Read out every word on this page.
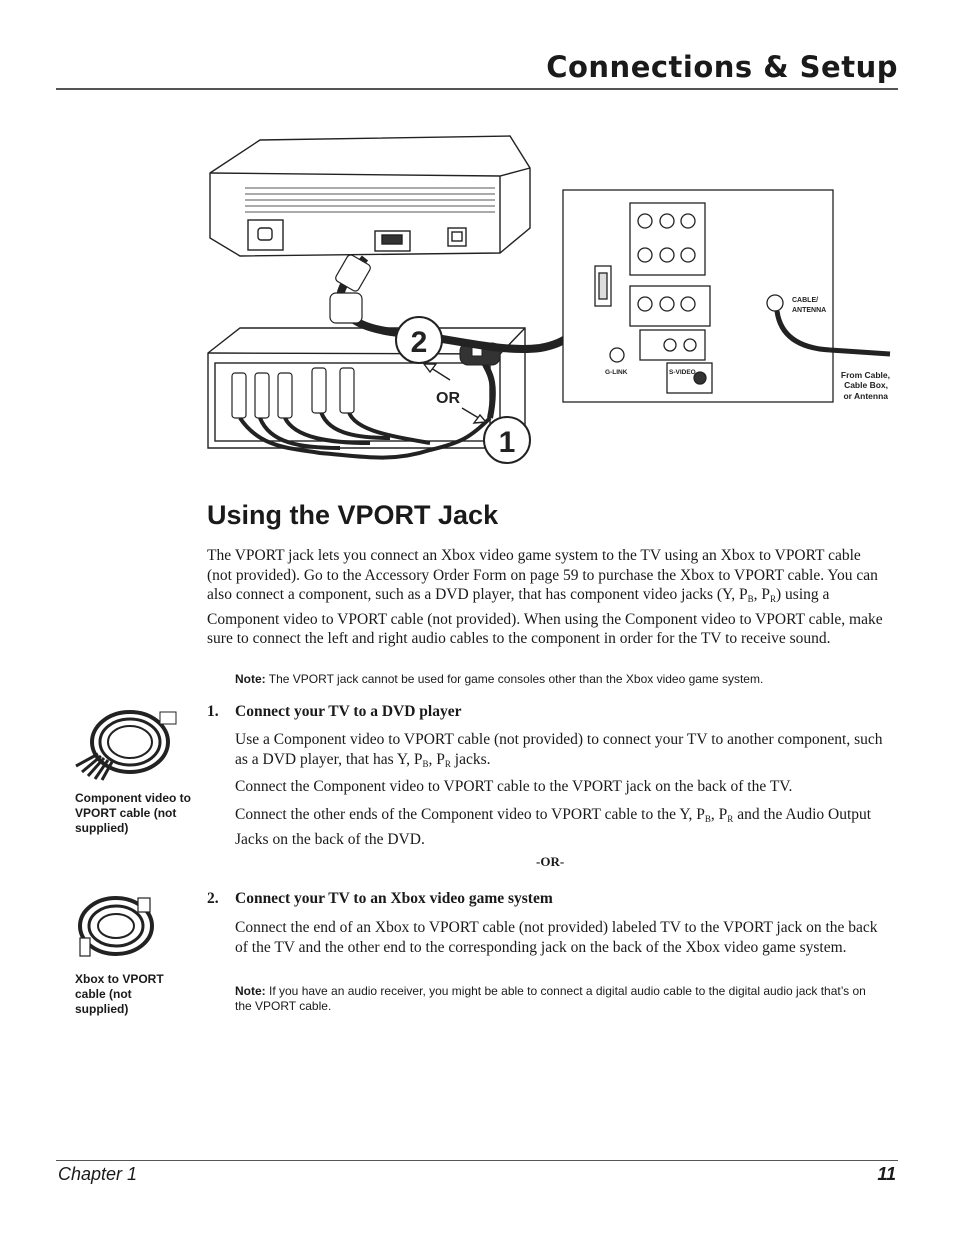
Connections & Setup
2
1
OR
G-LINK	S-VIDEO
CABLE/
ANTENNA
From Cable,
Cable Box,
or Antenna
Using the VPORT Jack
The VPORT jack lets you connect an Xbox video game system to the TV using an Xbox to VPORT cable (not provided). Go to the Accessory Order Form on page 59 to purchase the Xbox to VPORT cable. You can also connect a component, such as a DVD player, that has component video jacks (Y, $P_B$, $P_R$) using a Component video to VPORT cable (not provided). When using the Component video to VPORT cable, make sure to connect the left and right audio cables to the component in order for the TV to receive sound.
Note: The VPORT jack cannot be used for game consoles other than the Xbox video game system.
Component video to VPORT cable (not supplied)
1. Connect your TV to a DVD player
Use a Component video to VPORT cable (not provided) to connect your TV to another component, such as a DVD player, that has Y, $P_B$, $P_R$ jacks.
Connect the Component video to VPORT cable to the VPORT jack on the back of the TV.
Connect the other ends of the Component video to VPORT cable to the Y, $P_B$, $P_R$ and the Audio Output Jacks on the back of the DVD.
-OR-
Xbox to VPORT cable (not supplied)
2. Connect your TV to an Xbox video game system
Connect the end of an Xbox to VPORT cable (not provided) labeled TV to the VPORT jack on the back of the TV and the other end to the corresponding jack on the back of the Xbox video game system.
Note: If you have an audio receiver, you might be able to connect a digital audio cable to the digital audio jack that’s on the VPORT cable.
Chapter 1	11
